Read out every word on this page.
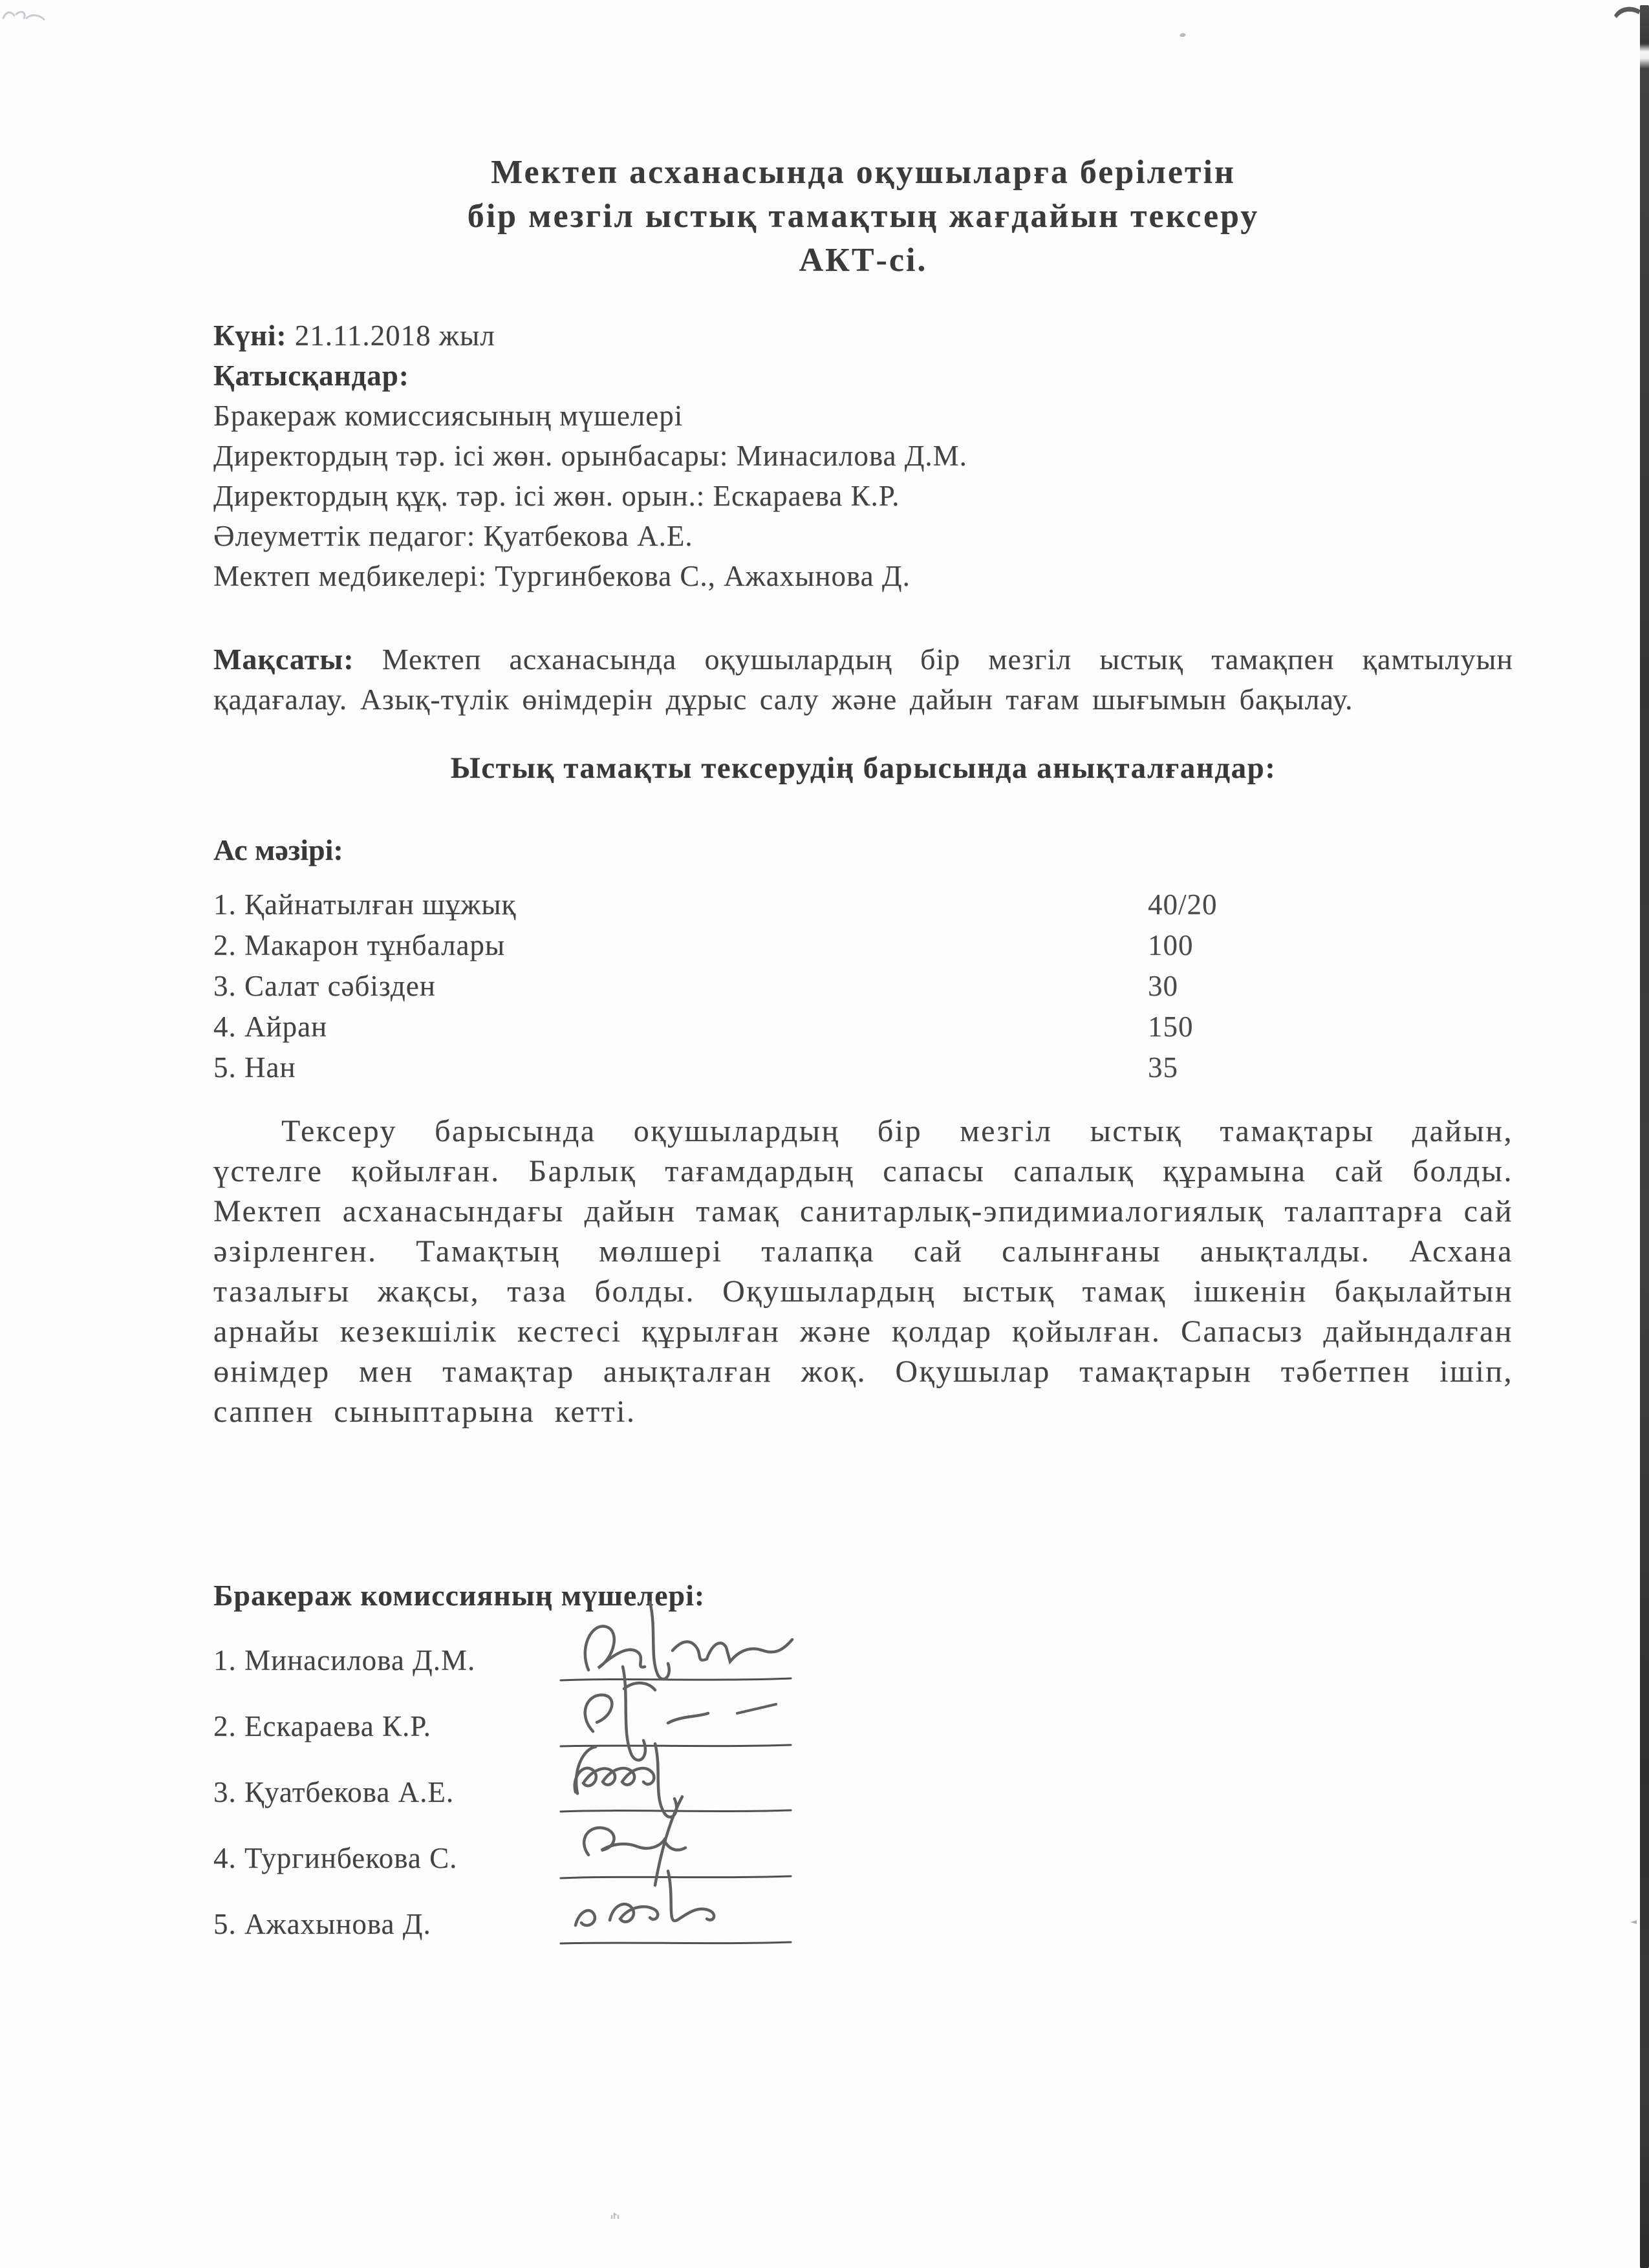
Мектеп асханасында оқушыларға берілетін
бір мезгіл ыстық тамақтың жағдайын тексеру
АКТ-сі.

Күні: 21.11.2018 жыл

Қатысқандар:

Бракераж комиссиясының мүшелері

Директордың тәр. ісі жөн. орынбасары: Минасилова Д.М.

Директордың құқ. тәр. ісі жөн. орын.: Ескараева К.Р.

Әлеуметтік педагог: Қуатбекова А.Е.

Мектеп медбикелері: Тургинбекова С., Ажахынова Д.

Мақсаты: Мектеп асханасында оқушылардың бір мезгіл ыстық тамақпен қамтылуын қадағалау. Азық-түлік өнімдерін дұрыс салу және дайын тағам шығымын бақылау.

Ыстық тамақты тексерудің барысында анықталғандар:

Ас мәзірі:

1. Қайнатылған шұжық	40/20
2. Макарон тұнбалары	100
3. Салат сәбізден	30
4. Айран	150
5. Нан	35

Тексеру барысында оқушылардың бір мезгіл ыстық тамақтары дайын, үстелге қойылған. Барлық тағамдардың сапасы сапалық құрамына сай болды. Мектеп асханасындағы дайын тамақ санитарлық-эпидимиалогиялық талаптарға сай әзірленген. Тамақтың мөлшері талапқа сай салынғаны анықталды. Асхана тазалығы жақсы, таза болды. Оқушылардың ыстық тамақ ішкенін бақылайтын арнайы кезекшілік кестесі құрылған және қолдар қойылған. Сапасыз дайындалған өнімдер мен тамақтар анықталған жоқ. Оқушылар тамақтарын тәбетпен ішіп, саппен сыныптарына кетті.

Бракераж комиссияның мүшелері:

1. Минасилова Д.М.
2. Ескараева К.Р.
3. Қуатбекова А.Е.
4. Тургинбекова С.
5. Ажахынова Д.
